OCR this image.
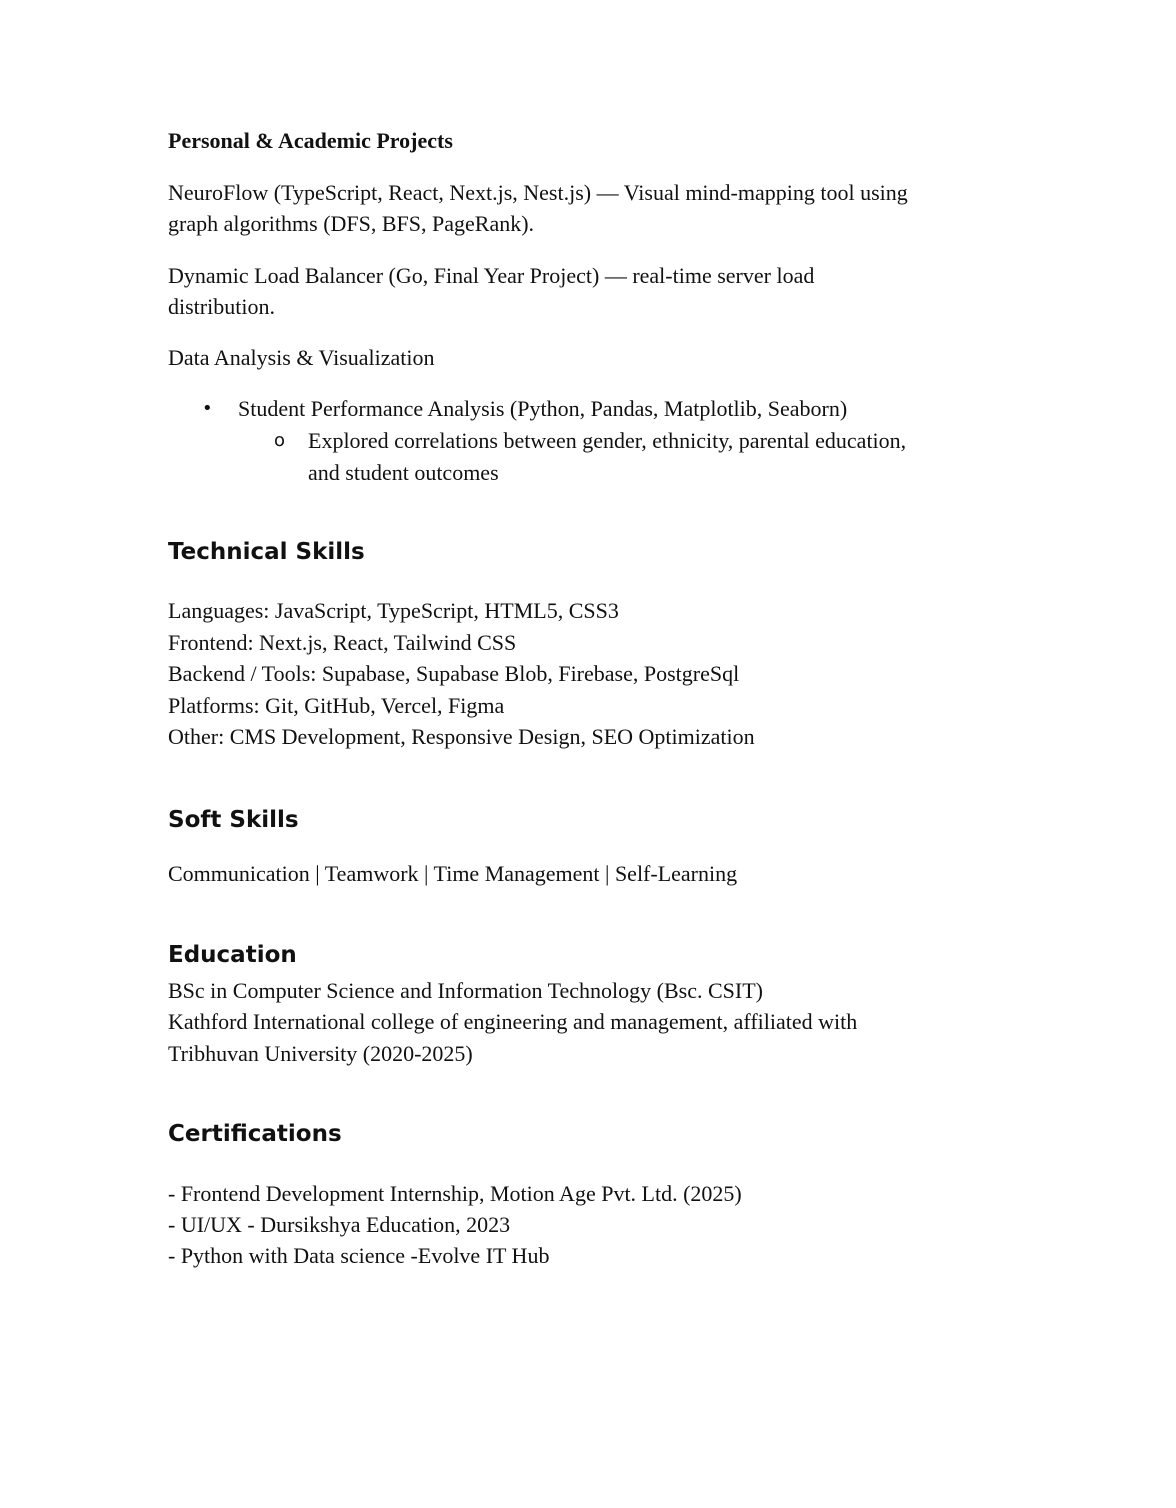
Personal & Academic Projects
NeuroFlow (TypeScript, React, Next.js, Nest.js) — Visual mind-mapping tool using
graph algorithms (DFS, BFS, PageRank).
Dynamic Load Balancer (Go, Final Year Project) — real-time server load
distribution.
Data Analysis & Visualization
• Student Performance Analysis (Python, Pandas, Matplotlib, Seaborn)
o Explored correlations between gender, ethnicity, parental education,
and student outcomes
Technical Skills
Languages: JavaScript, TypeScript, HTML5, CSS3
Frontend: Next.js, React, Tailwind CSS
Backend / Tools: Supabase, Supabase Blob, Firebase, PostgreSql
Platforms: Git, GitHub, Vercel, Figma
Other: CMS Development, Responsive Design, SEO Optimization
Soft Skills
Communication | Teamwork | Time Management | Self-Learning
Education
BSc in Computer Science and Information Technology (Bsc. CSIT)
Kathford International college of engineering and management, affiliated with
Tribhuvan University (2020-2025)
Certifications
- Frontend Development Internship, Motion Age Pvt. Ltd. (2025)
- UI/UX - Dursikshya Education, 2023
- Python with Data science -Evolve IT Hub
